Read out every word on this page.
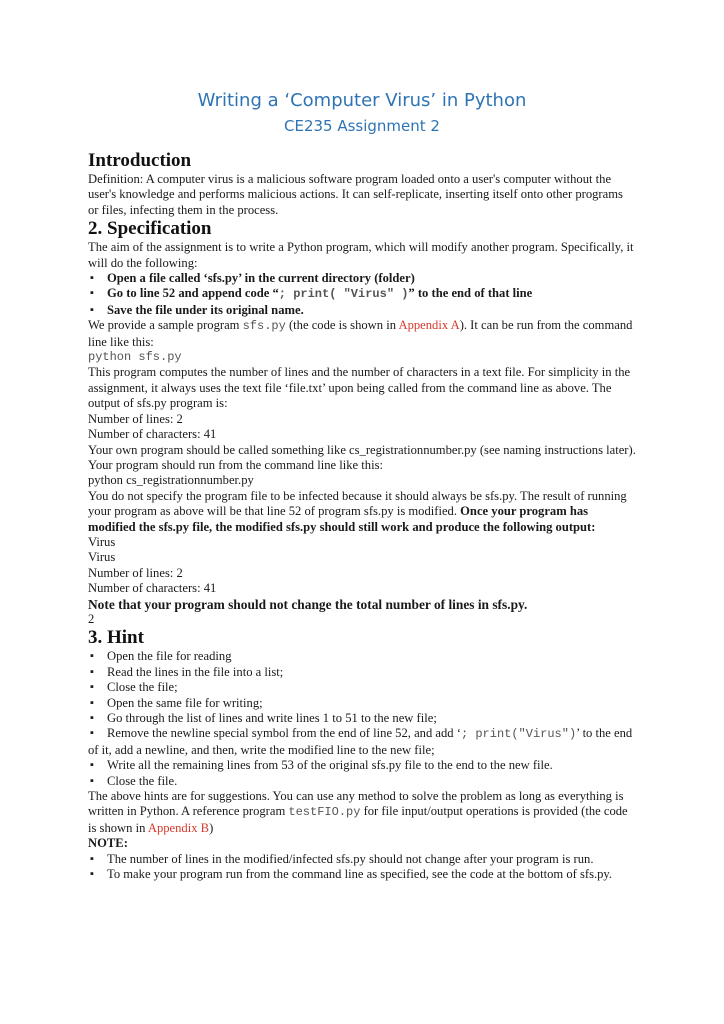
Writing a ‘Computer Virus’ in Python
CE235 Assignment 2
Introduction

Definition: A computer virus is a malicious software program loaded onto a user's computer without the user's knowledge and performs malicious actions. It can self-replicate, inserting itself onto other programs or files, infecting them in the process.

2. Specification

The aim of the assignment is to write a Python program, which will modify another program. Specifically, it will do the following:

▪ Open a file called ‘sfs.py’ in the current directory (folder)
▪ Go to line 52 and append code “; print( "Virus" )” to the end of that line
▪ Save the file under its original name.

We provide a sample program sfs.py (the code is shown in Appendix A). It can be run from the command line like this:

python sfs.py

This program computes the number of lines and the number of characters in a text file. For simplicity in the assignment, it always uses the text file ‘file.txt’ upon being called from the command line as above. The output of sfs.py program is:

Number of lines: 2

Number of characters: 41

Your own program should be called something like cs_registrationnumber.py (see naming instructions later).

Your program should run from the command line like this:

python cs_registrationnumber.py

You do not specify the program file to be infected because it should always be sfs.py. The result of running your program as above will be that line 52 of program sfs.py is modified. Once your program has modified the sfs.py file, the modified sfs.py should still work and produce the following output:

Virus

Virus

Number of lines: 2

Number of characters: 41

Note that your program should not change the total number of lines in sfs.py.

2

3. Hint
▪ Open the file for reading
▪ Read the lines in the file into a list;
▪ Close the file;
▪ Open the same file for writing;
▪ Go through the list of lines and write lines 1 to 51 to the new file;
▪ Remove the newline special symbol from the end of line 52, and add ‘; print("Virus")’ to the end of it, add a newline, and then, write the modified line to the new file;
▪ Write all the remaining lines from 53 of the original sfs.py file to the end to the new file.
▪ Close the file.

The above hints are for suggestions. You can use any method to solve the problem as long as everything is written in Python. A reference program testFIO.py for file input/output operations is provided (the code is shown in Appendix B)

NOTE:

▪ The number of lines in the modified/infected sfs.py should not change after your program is run.
▪ To make your program run from the command line as specified, see the code at the bottom of sfs.py.
